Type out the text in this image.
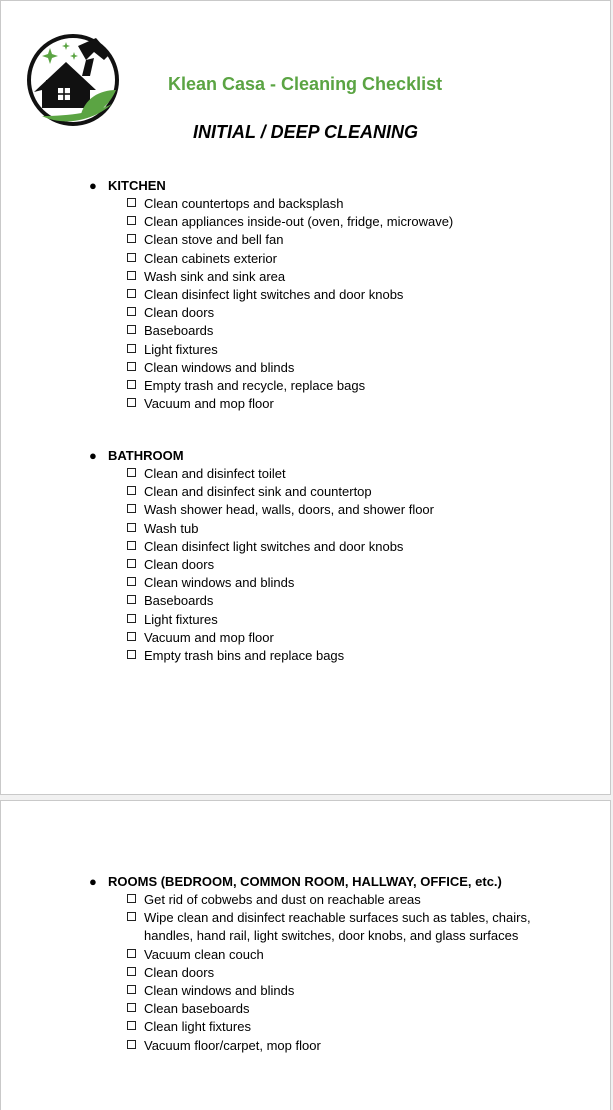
Klean Casa - Cleaning Checklist
INITIAL / DEEP CLEANING
● KITCHEN
Clean countertops and backsplash
Clean appliances inside-out (oven, fridge, microwave)
Clean stove and bell fan
Clean cabinets exterior
Wash sink and sink area
Clean disinfect light switches and door knobs
Clean doors
Baseboards
Light fixtures
Clean windows and blinds
Empty trash and recycle, replace bags
Vacuum and mop floor
● BATHROOM
Clean and disinfect toilet
Clean and disinfect sink and countertop
Wash shower head, walls, doors, and shower floor
Wash tub
Clean disinfect light switches and door knobs
Clean doors
Clean windows and blinds
Baseboards
Light fixtures
Vacuum and mop floor
Empty trash bins and replace bags
● ROOMS (BEDROOM, COMMON ROOM, HALLWAY, OFFICE, etc.)
Get rid of cobwebs and dust on reachable areas
Wipe clean and disinfect reachable surfaces such as tables, chairs, handles, hand rail, light switches, door knobs, and glass surfaces
Vacuum clean couch
Clean doors
Clean windows and blinds
Clean baseboards
Clean light fixtures
Vacuum floor/carpet, mop floor
